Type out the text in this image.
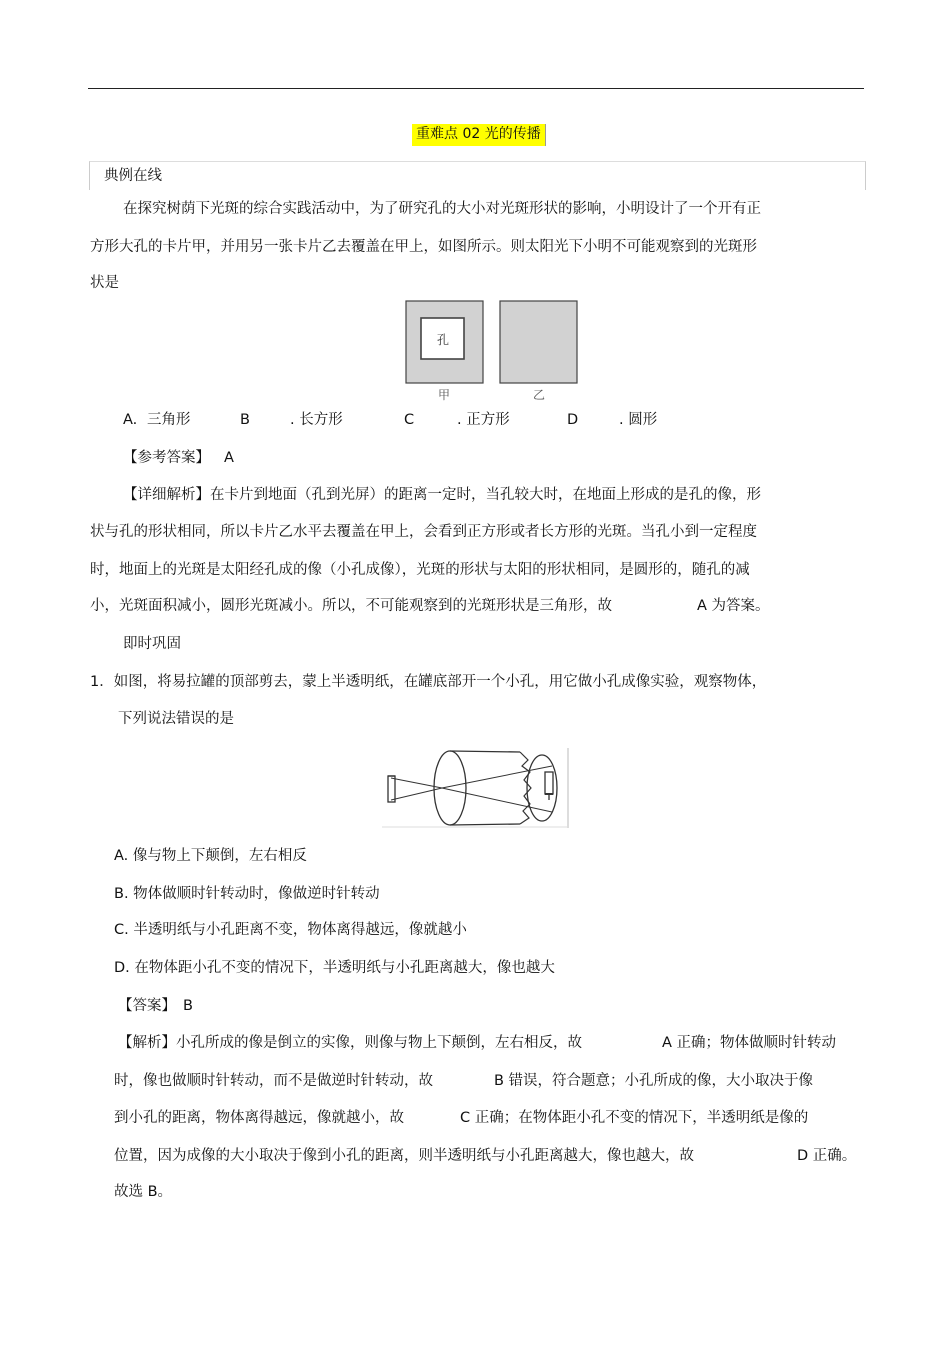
重难点 02 光的传播
典例在线
在探究树荫下光斑的综合实践活动中，为了研究孔的大小对光斑形状的影响，小明设计了一个开有正
方形大孔的卡片甲，并用另一张卡片乙去覆盖在甲上，如图所示。则太阳光下小明不可能观察到的光斑形
状是
孔
甲	乙
A. 三角形	B	. 长方形	C	. 正方形	D	. 圆形
【参考答案】 A
【详细解析】在卡片到地面（孔到光屏）的距离一定时，当孔较大时，在地面上形成的是孔的像，形
状与孔的形状相同，所以卡片乙水平去覆盖在甲上，会看到正方形或者长方形的光斑。当孔小到一定程度
时，地面上的光斑是太阳经孔成的像（小孔成像），光斑的形状与太阳的形状相同，是圆形的，随孔的减
小，光斑面积减小，圆形光斑减小。所以，不可能观察到的光斑形状是三角形，故	A 为答案。
即时巩固
1．如图，将易拉罐的顶部剪去，蒙上半透明纸，在罐底部开一个小孔，用它做小孔成像实验，观察物体，
下列说法错误的是
A. 像与物上下颠倒，左右相反
B. 物体做顺时针转动时，像做逆时针转动
C. 半透明纸与小孔距离不变，物体离得越远，像就越小
D. 在物体距小孔不变的情况下，半透明纸与小孔距离越大，像也越大
【答案】 B
【解析】小孔所成的像是倒立的实像，则像与物上下颠倒，左右相反，故	A 正确；物体做顺时针转动
时，像也做顺时针转动，而不是做逆时针转动，故	B 错误，符合题意；小孔所成的像，大小取决于像
到小孔的距离，物体离得越远，像就越小，故	C 正确；在物体距小孔不变的情况下，半透明纸是像的
位置，因为成像的大小取决于像到小孔的距离，则半透明纸与小孔距离越大，像也越大，故	D 正确。
故选 B。
